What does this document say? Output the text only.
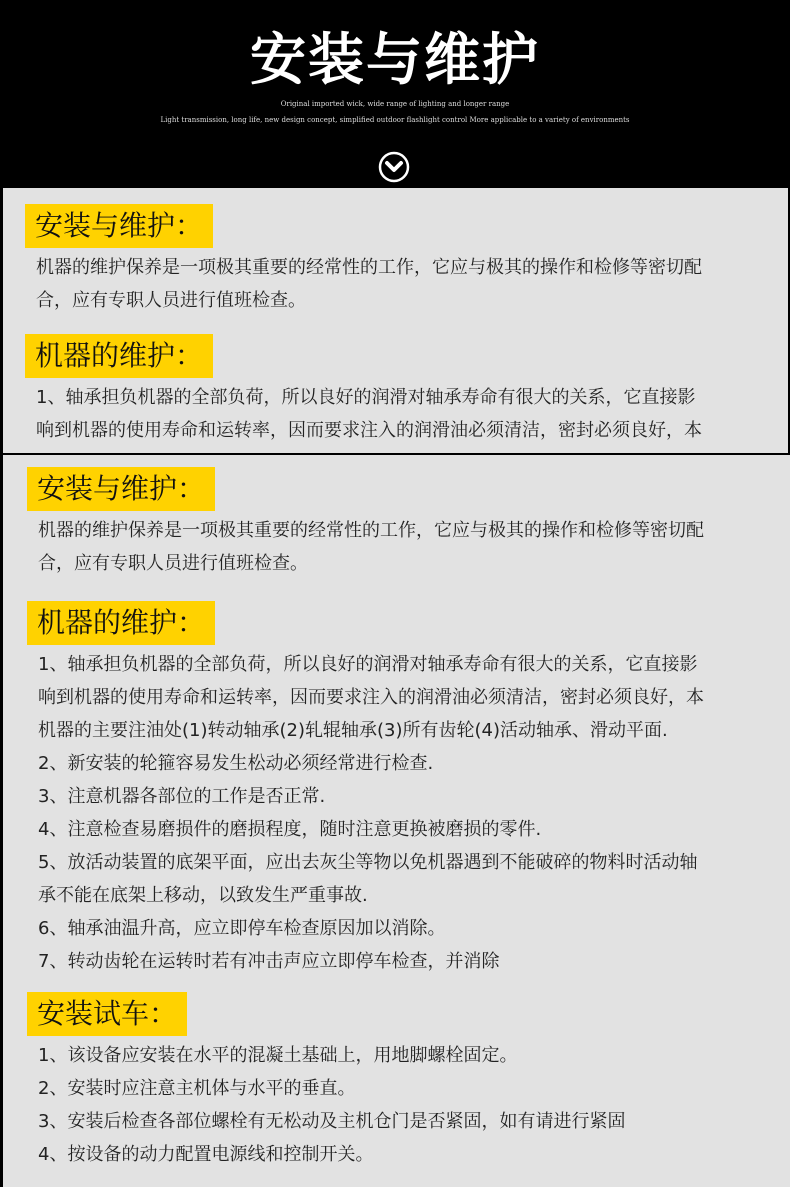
安装与维护
Original imported wick, wide range of lighting and longer range
Light transmission, long life, new design concept, simplified outdoor flashlight control More applicable to a variety of environments
安装与维护：
机器的维护保养是一项极其重要的经常性的工作，它应与极其的操作和检修等密切配
合，应有专职人员进行值班检查。
机器的维护：
1、轴承担负机器的全部负荷，所以良好的润滑对轴承寿命有很大的关系，它直接影
响到机器的使用寿命和运转率，因而要求注入的润滑油必须清洁，密封必须良好，本
安装与维护：
机器的维护保养是一项极其重要的经常性的工作，它应与极其的操作和检修等密切配
合，应有专职人员进行值班检查。
机器的维护：
1、轴承担负机器的全部负荷，所以良好的润滑对轴承寿命有很大的关系，它直接影
响到机器的使用寿命和运转率，因而要求注入的润滑油必须清洁，密封必须良好，本
机器的主要注油处(1)转动轴承(2)轧辊轴承(3)所有齿轮(4)活动轴承、滑动平面.
2、新安装的轮箍容易发生松动必须经常进行检查.
3、注意机器各部位的工作是否正常.
4、注意检查易磨损件的磨损程度，随时注意更换被磨损的零件.
5、放活动装置的底架平面，应出去灰尘等物以免机器遇到不能破碎的物料时活动轴
承不能在底架上移动，以致发生严重事故.
6、轴承油温升高，应立即停车检查原因加以消除。
7、转动齿轮在运转时若有冲击声应立即停车检查，并消除
安装试车：
1、该设备应安装在水平的混凝土基础上，用地脚螺栓固定。
2、安装时应注意主机体与水平的垂直。
3、安装后检查各部位螺栓有无松动及主机仓门是否紧固，如有请进行紧固
4、按设备的动力配置电源线和控制开关。
